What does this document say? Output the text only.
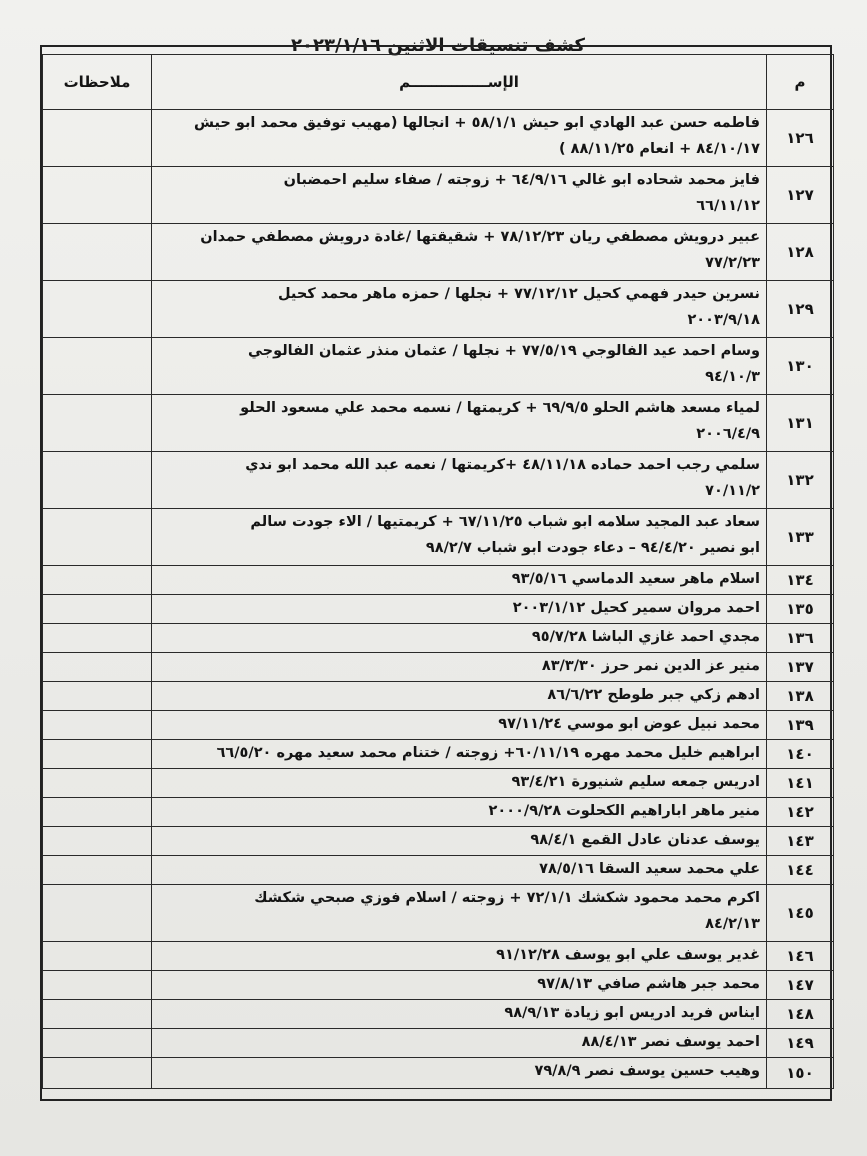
كشف تنسيقات الاثنين ٢٠٢٣/١/١٦
م	الإســـــــــــــــم	ملاحظات
١٢٦	فاطمه حسن عبد الهادي ابو حيش ٥٨/١/١ + انجالها (مهيب توفيق محمد ابو حيش
٨٤/١٠/١٧ + انعام ٨٨/١١/٢٥ )	
١٢٧	فايز محمد شحاده ابو غالي ٦٤/٩/١٦ + زوجته / صفاء سليم احمضبان
٦٦/١١/١٢	
١٢٨	عبير درويش مصطفي ريان ٧٨/١٢/٢٣ + شقيقتها /غادة درويش مصطفي حمدان
٧٧/٢/٢٣	
١٢٩	نسرين حيدر فهمي كحيل ٧٧/١٢/١٢ + نجلها / حمزه ماهر محمد كحيل
٢٠٠٣/٩/١٨	
١٣٠	وسام احمد عيد الفالوجي ٧٧/٥/١٩ + نجلها / عثمان منذر عثمان الفالوجي
٩٤/١٠/٣	
١٣١	لمياء مسعد هاشم الحلو ٦٩/٩/٥ + كريمتها / نسمه محمد علي مسعود الحلو
٢٠٠٦/٤/٩	
١٣٢	سلمي رجب احمد حماده ٤٨/١١/١٨ +كريمتها / نعمه عبد الله محمد ابو ندي
٧٠/١١/٢	
١٣٣	سعاد عبد المجيد سلامه ابو شباب ٦٧/١١/٢٥ + كريمتيها / الاء جودت سالم
ابو نصير ٩٤/٤/٢٠ – دعاء جودت ابو شباب ٩٨/٢/٧	
١٣٤	اسلام ماهر سعيد الدماسي ٩٣/٥/١٦	
١٣٥	احمد مروان سمير كحيل ٢٠٠٣/١/١٢	
١٣٦	مجدي احمد غازي الباشا ٩٥/٧/٢٨	
١٣٧	منير عز الدين نمر حرز ٨٣/٣/٣٠	
١٣٨	ادهم زكي جبر طوطح ٨٦/٦/٢٢	
١٣٩	محمد نبيل عوض ابو موسي ٩٧/١١/٢٤	
١٤٠	ابراهيم خليل محمد مهره ٦٠/١١/١٩+ زوجته / ختنام محمد سعيد مهره ٦٦/٥/٢٠	
١٤١	ادريس جمعه سليم شنيورة ٩٣/٤/٢١	
١٤٢	منير ماهر اباراهيم الكحلوت ٢٠٠٠/٩/٢٨	
١٤٣	يوسف عدنان عادل القمع ٩٨/٤/١	
١٤٤	علي محمد سعيد السقا ٧٨/٥/١٦	
١٤٥	اكرم محمد محمود شكشك ٧٢/١/١ + زوجته / اسلام فوزي صبحي شكشك
٨٤/٢/١٣	
١٤٦	غدير يوسف علي ابو يوسف ٩١/١٢/٢٨	
١٤٧	محمد جبر هاشم صافي ٩٧/٨/١٣	
١٤٨	ايناس فريد ادريس ابو زيادة ٩٨/٩/١٣	
١٤٩	احمد يوسف نصر ٨٨/٤/١٣	
١٥٠	وهيب حسين يوسف نصر ٧٩/٨/٩	
